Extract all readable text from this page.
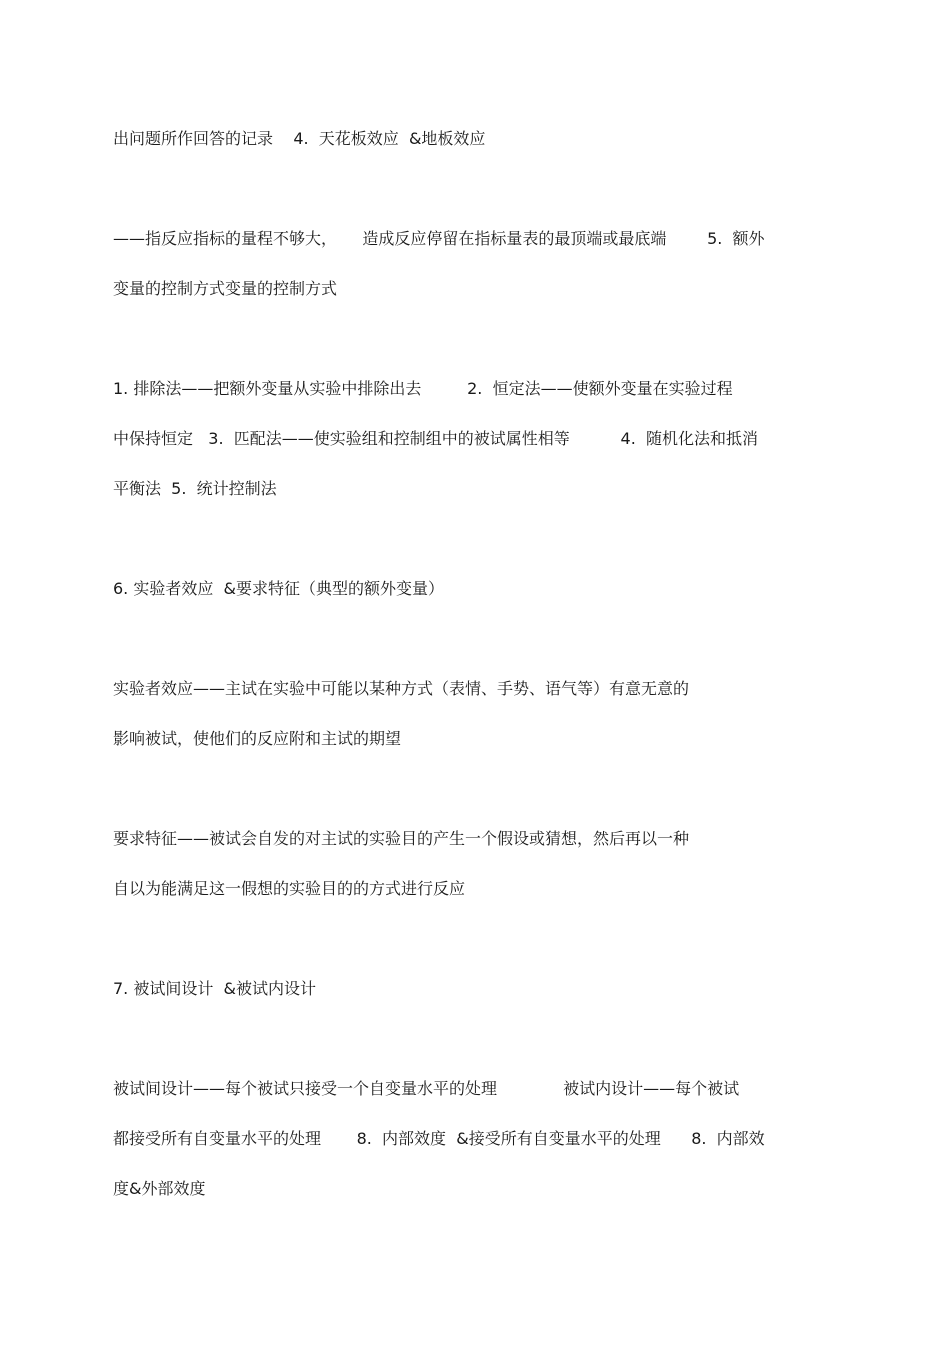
出问题所作回答的记录    4.  天花板效应  &地板效应
——指反应指标的量程不够大，     造成反应停留在指标量表的最顶端或最底端        5.  额外
变量的控制方式变量的控制方式
1. 排除法——把额外变量从实验中排除出去         2.  恒定法——使额外变量在实验过程
中保持恒定   3.  匹配法——使实验组和控制组中的被试属性相等          4.  随机化法和抵消
平衡法  5.  统计控制法
6. 实验者效应  &要求特征（典型的额外变量）
实验者效应——主试在实验中可能以某种方式（表情、手势、语气等）有意无意的
影响被试，使他们的反应附和主试的期望
要求特征——被试会自发的对主试的实验目的产生一个假设或猜想，然后再以一种
自以为能满足这一假想的实验目的的方式进行反应
7. 被试间设计  &被试内设计
被试间设计——每个被试只接受一个自变量水平的处理             被试内设计——每个被试
都接受所有自变量水平的处理       8.  内部效度  &接受所有自变量水平的处理      8.  内部效
度&外部效度
